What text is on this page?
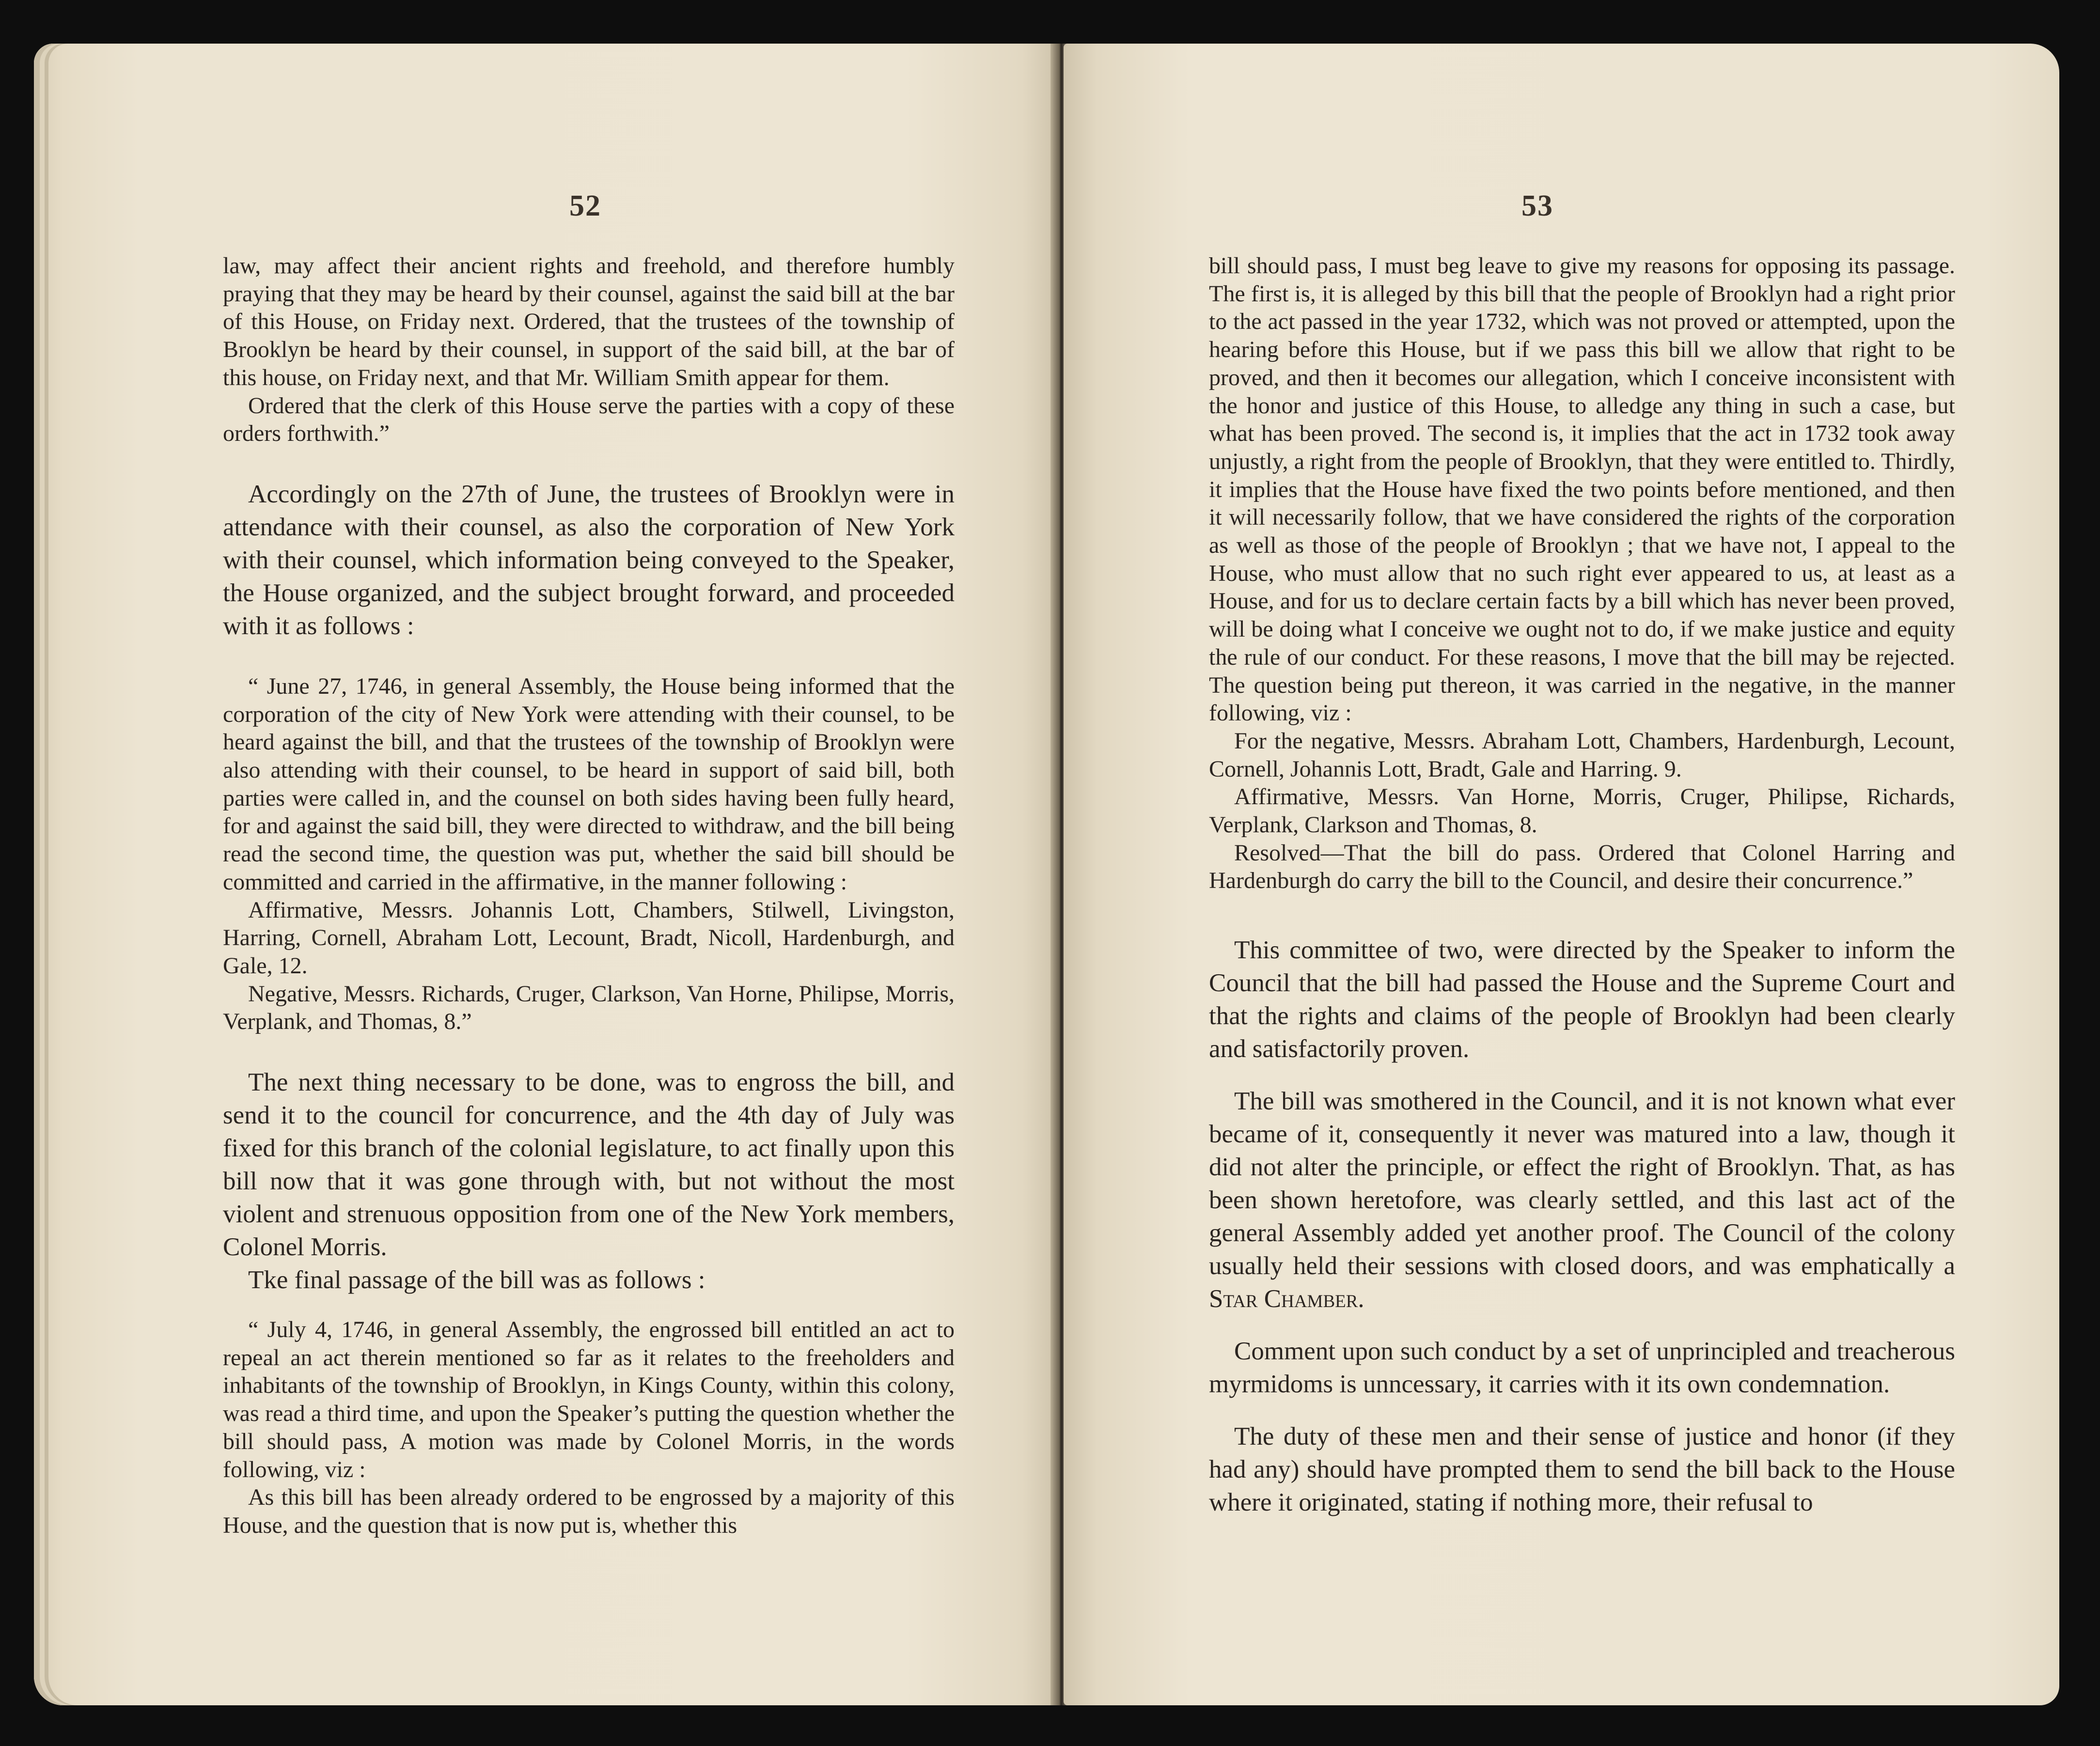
52

law, may affect their ancient rights and freehold, and therefore humbly praying that they may be heard by their counsel, against the said bill at the bar of this House, on Friday next. Ordered, that the trustees of the township of Brooklyn be heard by their counsel, in support of the said bill, at the bar of this house, on Friday next, and that Mr. William Smith appear for them.

Ordered that the clerk of this House serve the parties with a copy of these orders forthwith.”

Accordingly on the 27th of June, the trustees of Brooklyn were in attendance with their counsel, as also the corporation of New York with their counsel, which information being conveyed to the Speaker, the House organized, and the subject brought forward, and proceeded with it as follows :

“ June 27, 1746, in general Assembly, the House being informed that the corporation of the city of New York were attending with their counsel, to be heard against the bill, and that the trustees of the township of Brooklyn were also attending with their counsel, to be heard in support of said bill, both parties were called in, and the counsel on both sides having been fully heard, for and against the said bill, they were directed to withdraw, and the bill being read the second time, the question was put, whether the said bill should be committed and carried in the affirmative, in the manner following :

Affirmative, Messrs. Johannis Lott, Chambers, Stilwell, Livingston, Harring, Cornell, Abraham Lott, Lecount, Bradt, Nicoll, Hardenburgh, and Gale, 12.

Negative, Messrs. Richards, Cruger, Clarkson, Van Horne, Philipse, Morris, Verplank, and Thomas, 8.”

The next thing necessary to be done, was to engross the bill, and send it to the council for concurrence, and the 4th day of July was fixed for this branch of the colonial legislature, to act finally upon this bill now that it was gone through with, but not without the most violent and strenuous opposition from one of the New York members, Colonel Morris.

Tke final passage of the bill was as follows :

“ July 4, 1746, in general Assembly, the engrossed bill entitled an act to repeal an act therein mentioned so far as it relates to the freeholders and inhabitants of the township of Brooklyn, in Kings County, within this colony, was read a third time, and upon the Speaker’s putting the question whether the bill should pass, A motion was made by Colonel Morris, in the words following, viz :

As this bill has been already ordered to be engrossed by a majority of this House, and the question that is now put is, whether this

53

bill should pass, I must beg leave to give my reasons for opposing its passage. The first is, it is alleged by this bill that the people of Brooklyn had a right prior to the act passed in the year 1732, which was not proved or attempted, upon the hearing before this House, but if we pass this bill we allow that right to be proved, and then it becomes our allegation, which I conceive inconsistent with the honor and justice of this House, to alledge any thing in such a case, but what has been proved. The second is, it implies that the act in 1732 took away unjustly, a right from the people of Brooklyn, that they were entitled to. Thirdly, it implies that the House have fixed the two points before mentioned, and then it will necessarily follow, that we have considered the rights of the corporation as well as those of the people of Brooklyn ; that we have not, I appeal to the House, who must allow that no such right ever appeared to us, at least as a House, and for us to declare certain facts by a bill which has never been proved, will be doing what I conceive we ought not to do, if we make justice and equity the rule of our conduct. For these reasons, I move that the bill may be rejected. The question being put thereon, it was carried in the negative, in the manner following, viz :

For the negative, Messrs. Abraham Lott, Chambers, Hardenburgh, Lecount, Cornell, Johannis Lott, Bradt, Gale and Harring. 9.

Affirmative, Messrs. Van Horne, Morris, Cruger, Philipse, Richards, Verplank, Clarkson and Thomas, 8.

Resolved—That the bill do pass. Ordered that Colonel Harring and Hardenburgh do carry the bill to the Council, and desire their concurrence.”

This committee of two, were directed by the Speaker to inform the Council that the bill had passed the House and the Supreme Court and that the rights and claims of the people of Brooklyn had been clearly and satisfactorily proven.

The bill was smothered in the Council, and it is not known what ever became of it, consequently it never was matured into a law, though it did not alter the principle, or effect the right of Brooklyn. That, as has been shown heretofore, was clearly settled, and this last act of the general Assembly added yet another proof. The Council of the colony usually held their sessions with closed doors, and was emphatically a Star Chamber.

Comment upon such conduct by a set of unprincipled and treacherous myrmidoms is unncessary, it carries with it its own condemnation.

The duty of these men and their sense of justice and honor (if they had any) should have prompted them to send the bill back to the House where it originated, stating if nothing more, their refusal to
